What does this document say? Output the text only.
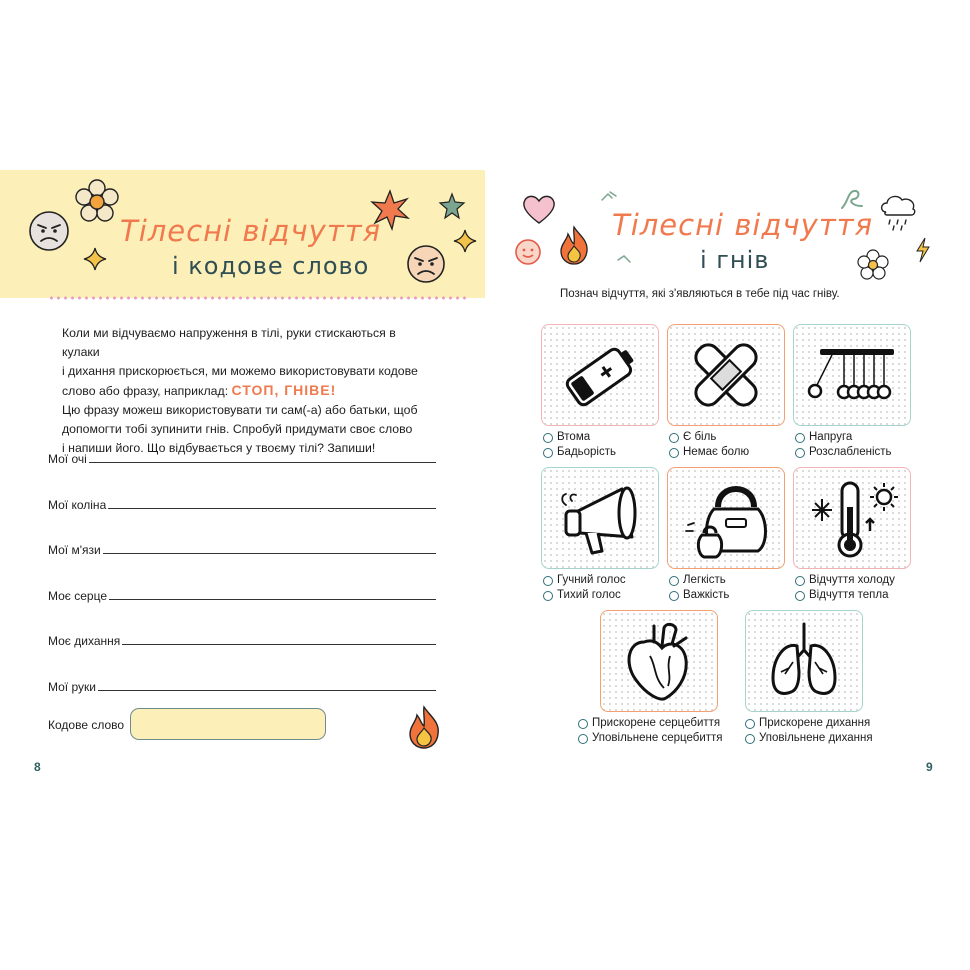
Тілесні відчуття
і кодове слово

Коли ми відчуваємо напруження в тілі, руки стискаються в кулаки

і дихання прискорюється, ми можемо використовувати кодове

слово або фразу, наприклад: СТОП, ГНІВЕ!

Цю фразу можеш використовувати ти сам(-а) або батьки, щоб

допомогти тобі зупинити гнів. Спробуй придумати своє слово

і напиши його. Що відбувається у твоєму тілі? Запиши!

Мої очі
Мої коліна
Мої м'язи
Моє серце
Моє дихання
Мої руки
Кодове слово
8
Тілесні відчуття
і гнів
Познач відчуття, які з'являються в тебе під час гніву.
Втома
Бадьорість
Є біль
Немає болю
Напруга
Розслабленість
Гучний голос
Тихий голос
Легкість
Важкість
Відчуття холоду
Відчуття тепла
Прискорене серцебиття
Уповільнене серцебиття
Прискорене дихання
Уповільнене дихання
9
